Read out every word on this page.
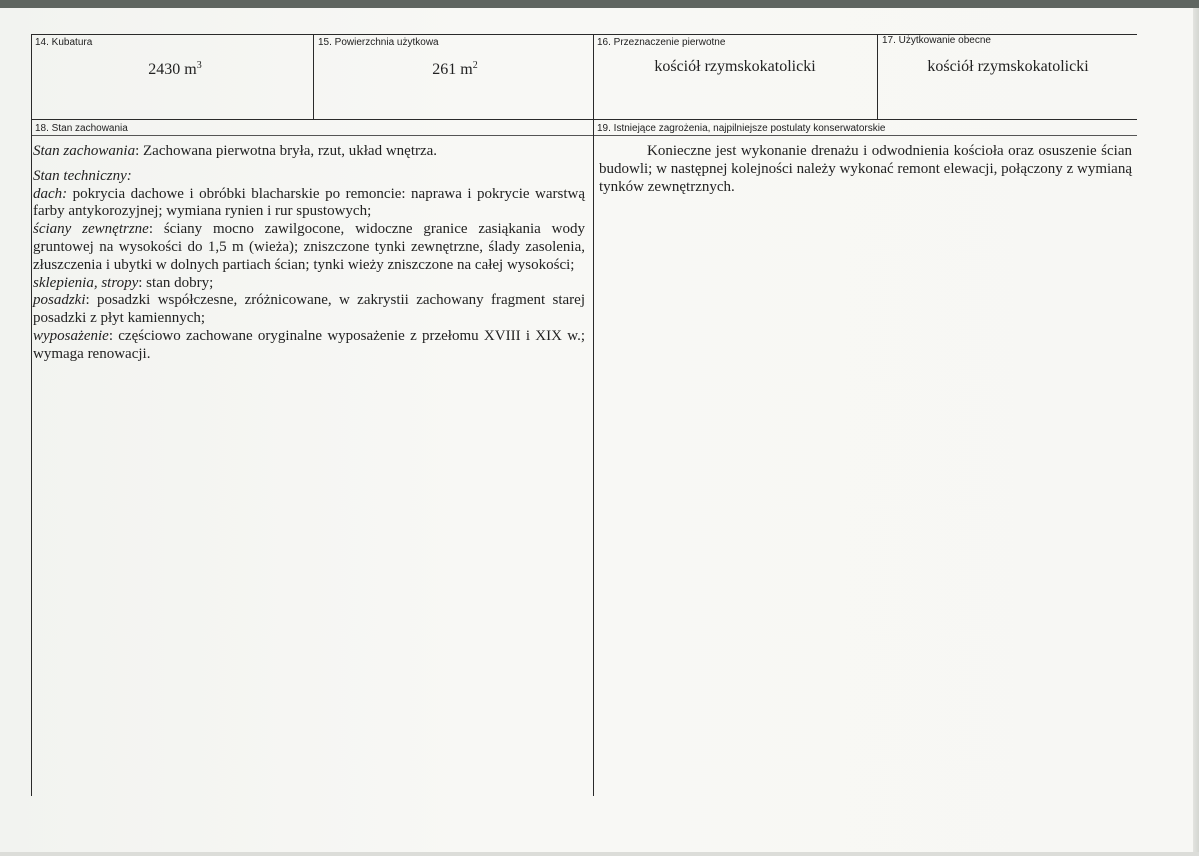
14. Kubatura
2430 $m^3$
15. Powierzchnia użytkowa
261 $m^2$
16. Przeznaczenie pierwotne
kościół rzymskokatolicki
17. Użytkowanie obecne
kościół rzymskokatolicki
18. Stan zachowania	19. Istniejące zagrożenia, najpilniejsze postulaty konserwatorskie

Stan zachowania: Zachowana pierwotna bryła, rzut, układ wnętrza.

Stan techniczny:

dach: pokrycia dachowe i obróbki blacharskie po remoncie: naprawa i pokrycie warstwą farby antykorozyjnej; wymiana rynien i rur spustowych;

ściany zewnętrzne: ściany mocno zawilgocone, widoczne granice zasiąkania wody gruntowej na wysokości do 1,5 m (wieża); zniszczone tynki zewnętrzne, ślady zasolenia, złuszczenia i ubytki w dolnych partiach ścian; tynki wieży zniszczone na całej wysokości;

sklepienia, stropy: stan dobry;

posadzki: posadzki współczesne, zróżnicowane, w zakrystii zachowany fragment starej posadzki z płyt kamiennych;

wyposażenie: częściowo zachowane oryginalne wyposażenie z przełomu XVIII i XIX w.; wymaga renowacji.

Konieczne jest wykonanie drenażu i odwodnienia kościoła oraz osuszenie ścian budowli; w następnej kolejności należy wykonać remont elewacji, połączony z wymianą tynków zewnętrznych.
